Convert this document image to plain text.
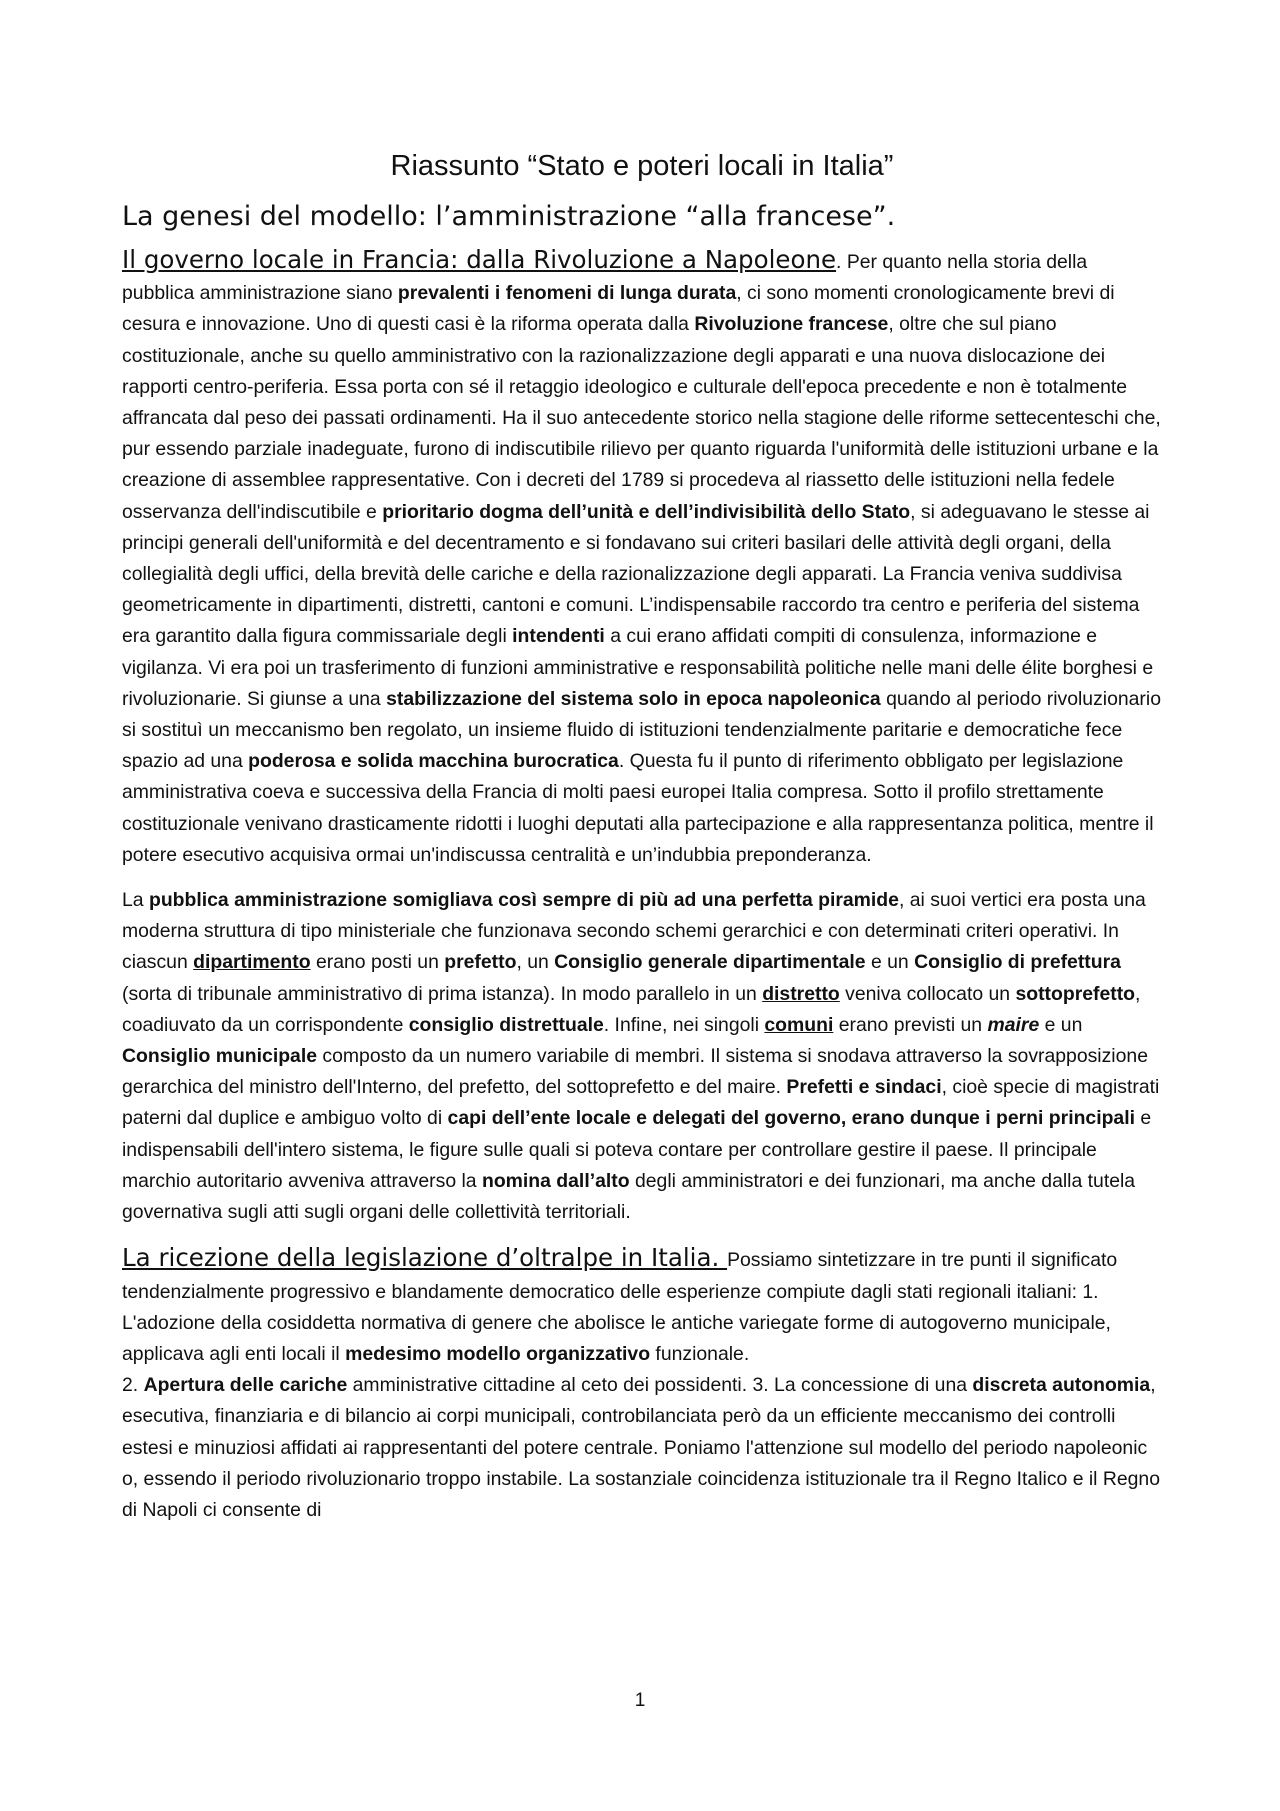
Riassunto “Stato e poteri locali in Italia”
La genesi del modello: l’amministrazione “alla francese”.

Il governo locale in Francia: dalla Rivoluzione a Napoleone. Per quanto nella storia della pubblica amministrazione siano prevalenti i fenomeni di lunga durata, ci sono momenti cronologicamente brevi di cesura e innovazione. Uno di questi casi è la riforma operata dalla Rivoluzione francese, oltre che sul piano costituzionale, anche su quello amministrativo con la razionalizzazione degli apparati e una nuova dislocazione dei rapporti centro-periferia. Essa porta con sé il retaggio ideologico e culturale dell'epoca precedente e non è totalmente affrancata dal peso dei passati ordinamenti. Ha il suo antecedente storico nella stagione delle riforme settecenteschi che, pur essendo parziale inadeguate, furono di indiscutibile rilievo per quanto riguarda l'uniformità delle istituzioni urbane e la creazione di assemblee rappresentative. Con i decreti del 1789 si procedeva al riassetto delle istituzioni nella fedele osservanza dell'indiscutibile e prioritario dogma dell’unità e dell’indivisibilità dello Stato, si adeguavano le stesse ai principi generali dell'uniformità e del decentramento e si fondavano sui criteri basilari delle attività degli organi, della collegialità degli uffici, della brevità delle cariche e della razionalizzazione degli apparati. La Francia veniva suddivisa geometricamente in dipartimenti, distretti, cantoni e comuni. L’indispensabile raccordo tra centro e periferia del sistema era garantito dalla figura commissariale degli intendenti a cui erano affidati compiti di consulenza, informazione e vigilanza. Vi era poi un trasferimento di funzioni amministrative e responsabilità politiche nelle mani delle élite borghesi e rivoluzionarie. Si giunse a una stabilizzazione del sistema solo in epoca napoleonica quando al periodo rivoluzionario si sostituì un meccanismo ben regolato, un insieme fluido di istituzioni tendenzialmente paritarie e democratiche fece spazio ad una poderosa e solida macchina burocratica. Questa fu il punto di riferimento obbligato per legislazione amministrativa coeva e successiva della Francia di molti paesi europei Italia compresa. Sotto il profilo strettamente costituzionale venivano drasticamente ridotti i luoghi deputati alla partecipazione e alla rappresentanza politica, mentre il potere esecutivo acquisiva ormai un'indiscussa centralità e un’indubbia preponderanza.

La pubblica amministrazione somigliava così sempre di più ad una perfetta piramide, ai suoi vertici era posta una moderna struttura di tipo ministeriale che funzionava secondo schemi gerarchici e con determinati criteri operativi. In ciascun dipartimento erano posti un prefetto, un Consiglio generale dipartimentale e un Consiglio di prefettura (sorta di tribunale amministrativo di prima istanza). In modo parallelo in un distretto veniva collocato un sottoprefetto, coadiuvato da un corrispondente consiglio distrettuale. Infine, nei singoli comuni erano previsti un maire e un Consiglio municipale composto da un numero variabile di membri. Il sistema si snodava attraverso la sovrapposizione gerarchica del ministro dell'Interno, del prefetto, del sottoprefetto e del maire. Prefetti e sindaci, cioè specie di magistrati paterni dal duplice e ambiguo volto di capi dell’ente locale e delegati del governo, erano dunque i perni principali e indispensabili dell'intero sistema, le figure sulle quali si poteva contare per controllare gestire il paese. Il principale marchio autoritario avveniva attraverso la nomina dall’alto degli amministratori e dei funzionari, ma anche dalla tutela governativa sugli atti sugli organi delle collettività territoriali.

La ricezione della legislazione d’oltralpe in Italia. Possiamo sintetizzare in tre punti il significato tendenzialmente progressivo e blandamente democratico delle esperienze compiute dagli stati regionali italiani: 1. L'adozione della cosiddetta normativa di genere che abolisce le antiche variegate forme di autogoverno municipale, applicava agli enti locali il medesimo modello organizzativo funzionale.
2. Apertura delle cariche amministrative cittadine al ceto dei possidenti. 3. La concessione di una discreta autonomia, esecutiva, finanziaria e di bilancio ai corpi municipali, controbilanciata però da un efficiente meccanismo dei controlli estesi e minuziosi affidati ai rappresentanti del potere centrale. Poniamo l'attenzione sul modello del periodo napoleonic o, essendo il periodo rivoluzionario troppo instabile. La sostanziale coincidenza istituzionale tra il Regno Italico e il Regno di Napoli ci consente di

1
